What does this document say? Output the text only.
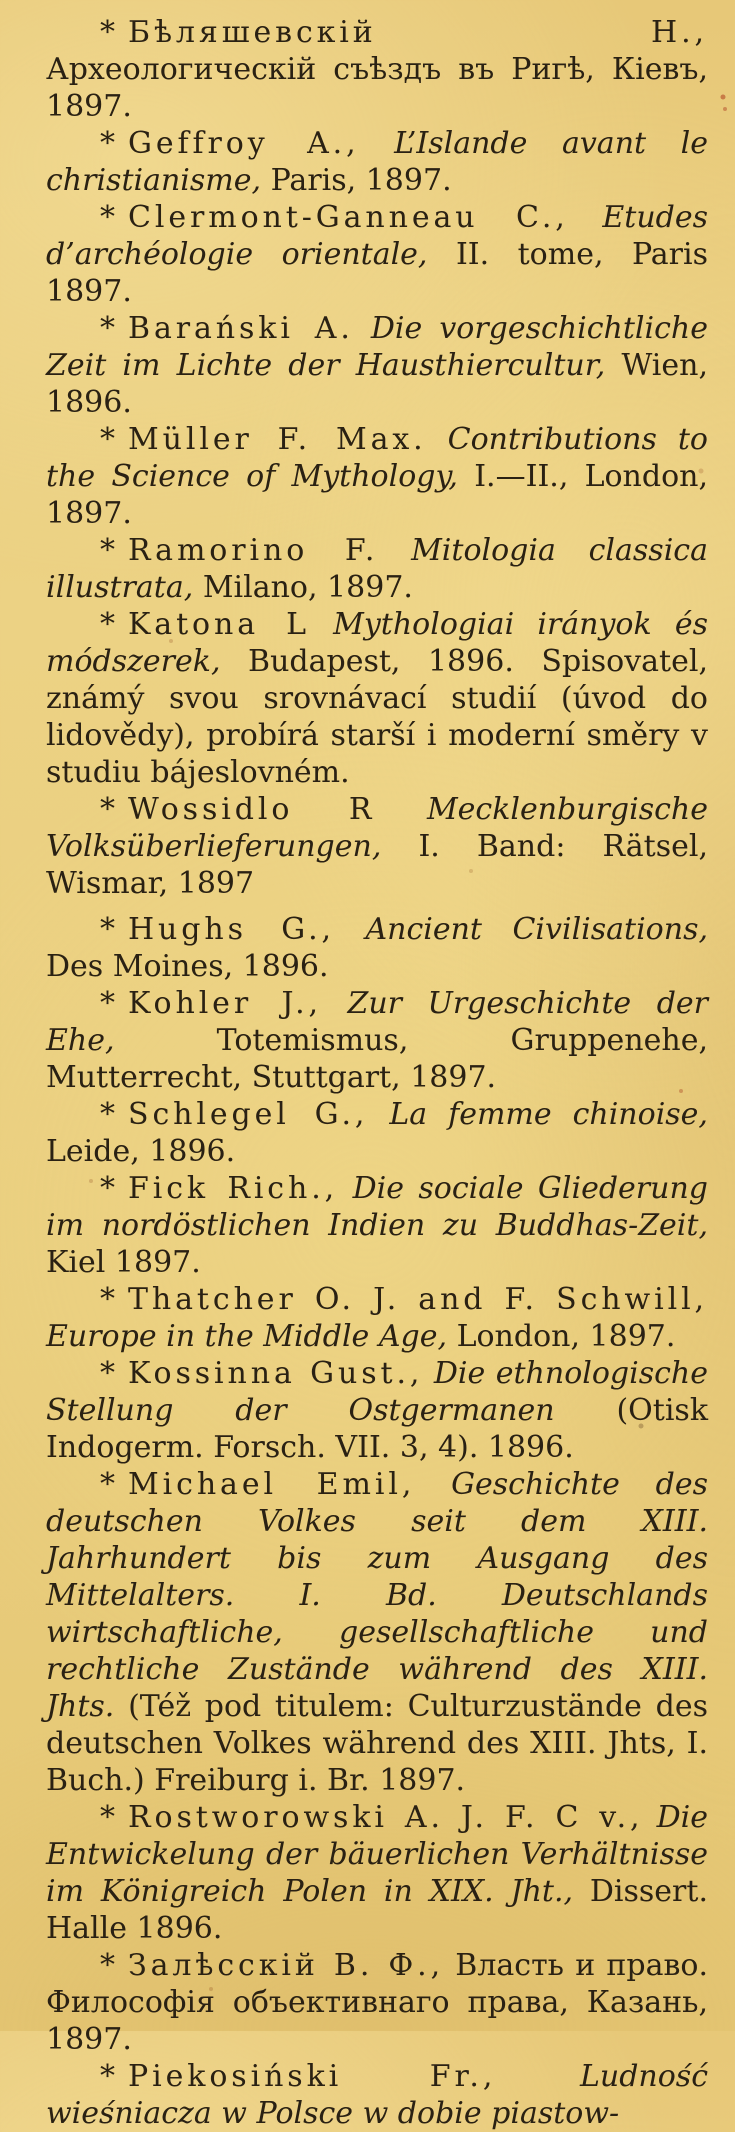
* Бѣляшевскій Н., Археологическій съѣздъ въ Ригѣ, Кіевъ, 1897.

* Geffroy A., L’Islande avant le christianisme, Paris, 1897.

* Clermont-Ganneau C., Etudes d’archéologie orientale, II. tome, Paris 1897.

* Barański A. Die vorgeschichtliche Zeit im Lichte der Hausthiercultur, Wien, 1896.

* Müller F. Max. Contributions to the Science of Mythology, I.—II., London, 1897.

* Ramorino F. Mitologia classica illustrata, Milano, 1897.

* Katona L Mythologiai irányok és módszerek, Budapest, 1896. Spisovatel, známý svou srovnávací studií (úvod do lidovědy), probírá starší i moderní směry v studiu bájeslovném.

* Wossidlo R Mecklenburgische Volksüberlieferungen, I. Band: Rätsel, Wismar, 1897

* Hughs G., Ancient Civilisations, Des Moines, 1896.

* Kohler J., Zur Urgeschichte der Ehe,	Totemismus, Gruppenehe, Mutterrecht, Stuttgart, 1897.

* Schlegel G., La femme chinoise, Leide, 1896.

* Fick Rich., Die sociale Gliederung im nordöstlichen Indien zu Buddhas-Zeit, Kiel 1897.

* Thatcher O. J. and F. Schwill, Europe in the Middle Age, London, 1897.

* Kossinna Gust., Die ethnologische Stellung der Ostgermanen (Otisk Indogerm. Forsch. VII. 3, 4). 1896.

* Michael Emil, Geschichte des deutschen Volkes seit dem XIII. Jahrhundert bis zum Ausgang des Mittelalters. I. Bd. Deutschlands wirtschaftliche, gesellschaftliche und rechtliche Zustände während des XIII. Jhts. (Též pod titulem: Culturzustände des deutschen Volkes während des XIII. Jhts, I. Buch.) Freiburg i. Br. 1897.

* Rostworowski A. J. F. C v., Die Entwickelung der bäuerlichen Verhältnisse im Königreich Polen in XIX. Jht., Dissert. Halle 1896.

* Залѣсскій В. Ф., Власть и право. Философія объективнаго права, Казань, 1897.

* Piekosiński Fr.,	Ludność wieśniacza w Polsce w dobie piastow-
